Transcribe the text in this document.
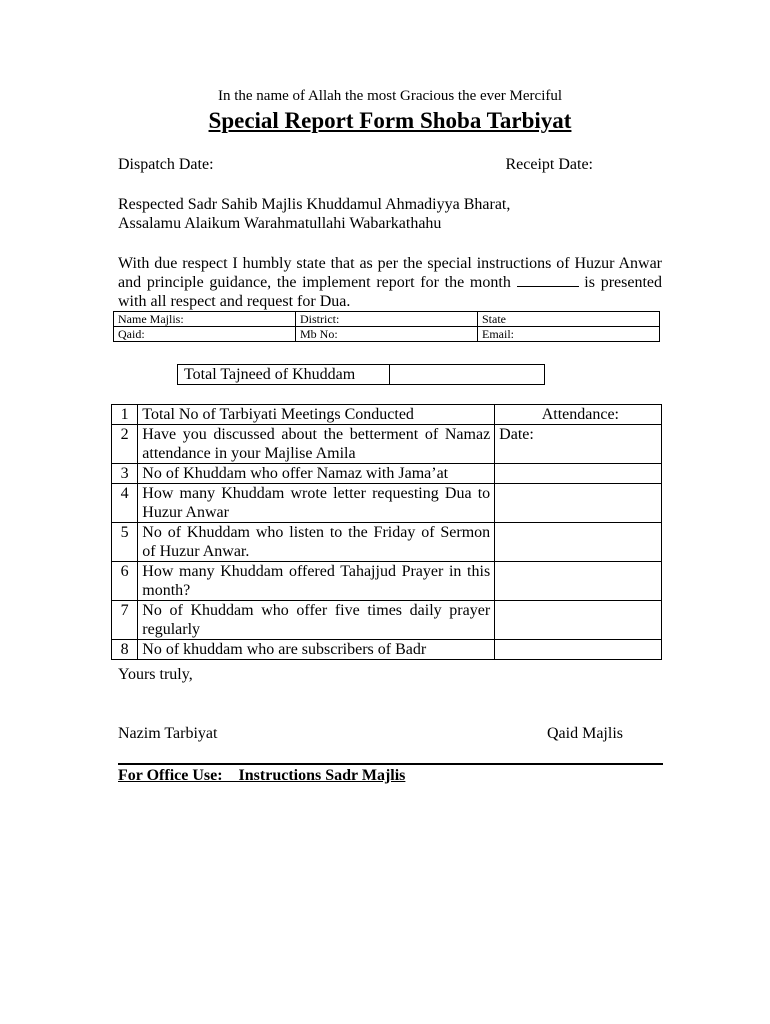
In the name of Allah the most Gracious the ever Merciful
Special Report Form Shoba Tarbiyat
Dispatch Date:	Receipt Date:
Respected Sadr Sahib Majlis Khuddamul Ahmadiyya Bharat,
Assalamu Alaikum Warahmatullahi Wabarkathahu
With due respect I humbly state that as per the special instructions of Huzur Anwar and principle guidance, the implement report for the month	is presented with all respect and request for Dua.
Name Majlis:	District:	State
Qaid:	Mb No:	Email:
Total Tajneed of Khuddam
1	Total No of Tarbiyati Meetings Conducted	Attendance:

2	Have you discussed about the betterment of Namaz attendance in your Majlise Amila	Date:
3	No of Khuddam who offer Namaz with Jama’at	
4	How many Khuddam wrote letter requesting Dua to Huzur Anwar	
5	No of Khuddam who listen to the Friday of Sermon of Huzur Anwar.	
6	How many Khuddam offered Tahajjud Prayer in this month?	
7	No of Khuddam who offer five times daily prayer regularly	
8	No of khuddam who are subscribers of Badr	
Yours truly,
Nazim Tarbiyat	Qaid Majlis
For Office Use:    Instructions Sadr Majlis
